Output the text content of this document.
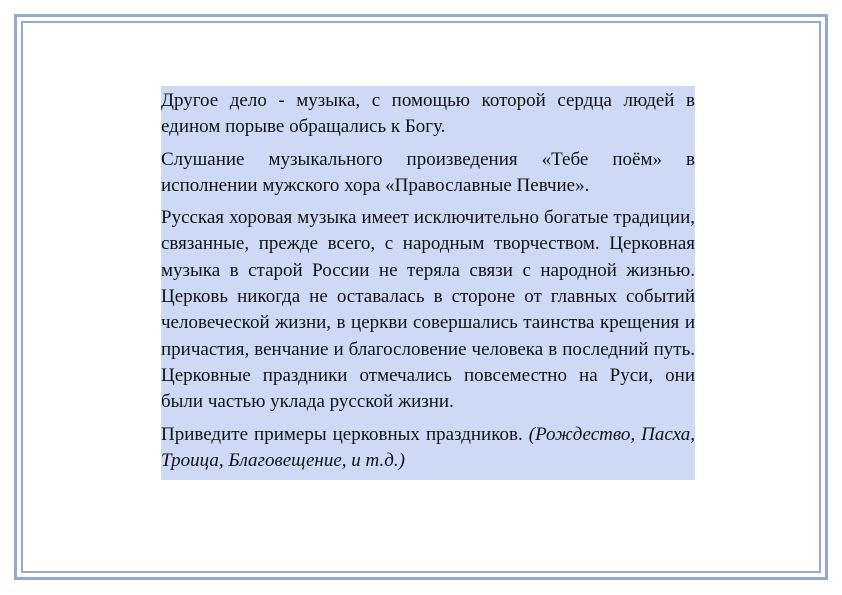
Другое дело - музыка, с помощью которой сердца людей в едином порыве обращались к Богу.

Слушание музыкального произведения «Тебе поём» в исполнении мужского хора «Православные Певчие».

Русская хоровая музыка имеет исключительно богатые традиции, связанные, прежде всего, с народным творчеством. Церковная музыка в старой России не теряла связи с народной жизнью. Церковь никогда не оставалась в стороне от главных событий человеческой жизни, в церкви совершались таинства крещения и причастия, венчание и благословение человека в последний путь. Церковные праздники отмечались повсеместно на Руси, они были частью уклада русской жизни.

Приведите примеры церковных праздников. (Рождество, Пасха, Троица, Благовещение, и т.д.)
